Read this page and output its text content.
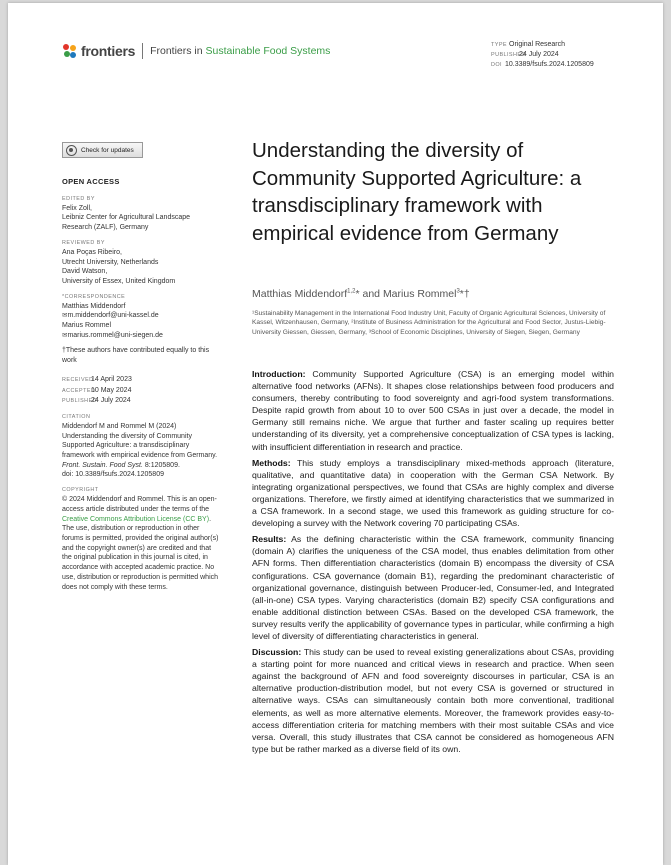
frontiers Frontiers in Sustainable Food Systems	TYPE Original Research
PUBLISHED24 July 2024
DOI 10.3389/fsufs.2024.1205809
Check for updates
OPEN ACCESS
EDITED BY
Felix Zoll,
Leibniz Center for Agricultural Landscape
Research (ZALF), Germany
REVIEWED BY
Ana Poças Ribeiro,
Utrecht University, Netherlands
David Watson,
University of Essex, United Kingdom
*CORRESPONDENCE
Matthias Middendorf
✉ m.middendorf@uni-kassel.de
Marius Rommel
✉ marius.rommel@uni-siegen.de
†These authors have contributed equally to this work
RECEIVED14 April 2023
ACCEPTED10 May 2024
PUBLISHED24 July 2024
CITATION
Middendorf M and Rommel M (2024) Understanding the diversity of Community Supported Agriculture: a transdisciplinary framework with empirical evidence from Germany.
Front. Sustain. Food Syst. 8:1205809.
doi: 10.3389/fsufs.2024.1205809
COPYRIGHT
© 2024 Middendorf and Rommel. This is an open-access article distributed under the terms of the Creative Commons Attribution License (CC BY). The use, distribution or reproduction in other forums is permitted, provided the original author(s) and the copyright owner(s) are credited and that the original publication in this journal is cited, in accordance with accepted academic practice. No use, distribution or reproduction is permitted which does not comply with these terms.
Understanding the diversity of Community Supported Agriculture: a transdisciplinary framework with empirical evidence from Germany
Matthias Middendorf$^{1,2}$* and Marius Rommel$^3$*†
¹Sustainability Management in the International Food Industry Unit, Faculty of Organic Agricultural Sciences, University of Kassel, Witzenhausen, Germany, ²Institute of Business Administration for the Agricultural and Food Sector, Justus-Liebig-University Giessen, Giessen, Germany, ³School of Economic Disciplines, University of Siegen, Siegen, Germany

Introduction: Community Supported Agriculture (CSA) is an emerging model within alternative food networks (AFNs). It shapes close relationships between food producers and consumers, thereby contributing to food sovereignty and agri-food system transformations. Despite rapid growth from about 10 to over 500 CSAs in just over a decade, the model in Germany still remains niche. We argue that further and faster scaling up requires better understanding of its diversity, yet a comprehensive conceptualization of CSA types is lacking, with insufficient differentiation in research and practice.

Methods: This study employs a transdisciplinary mixed-methods approach (literature, qualitative, and quantitative data) in cooperation with the German CSA Network. By integrating organizational perspectives, we found that CSAs are highly complex and diverse organizations. Therefore, we firstly aimed at identifying characteristics that we summarized in a CSA framework. In a second stage, we used this framework as guiding structure for co-developing a survey with the Network covering 70 participating CSAs.

Results: As the defining characteristic within the CSA framework, community financing (domain A) clarifies the uniqueness of the CSA model, thus enables delimitation from other AFN forms. Then differentiation characteristics (domain B) encompass the diversity of CSA configurations. CSA governance (domain B1), regarding the predominant characteristic of organizational governance, distinguish between Producer-led, Consumer-led, and Integrated (all-in-one) CSA types. Varying characteristics (domain B2) specify CSA configurations and enable additional distinction between CSAs. Based on the developed CSA framework, the survey results verify the applicability of governance types in particular, while confirming a high level of diversity of differentiating characteristics in general.

Discussion: This study can be used to reveal existing generalizations about CSAs, providing a starting point for more nuanced and critical views in research and practice. When seen against the background of AFN and food sovereignty discourses in particular, CSA is an alternative production-distribution model, but not every CSA is governed or structured in alternative ways. CSAs can simultaneously contain both more conventional, traditional elements, as well as more alternative elements. Moreover, the framework provides easy-to-access differentiation criteria for matching members with their most suitable CSAs and vice versa. Overall, this study illustrates that CSA cannot be considered as homogeneous AFN type but be rather marked as a diverse field of its own.
